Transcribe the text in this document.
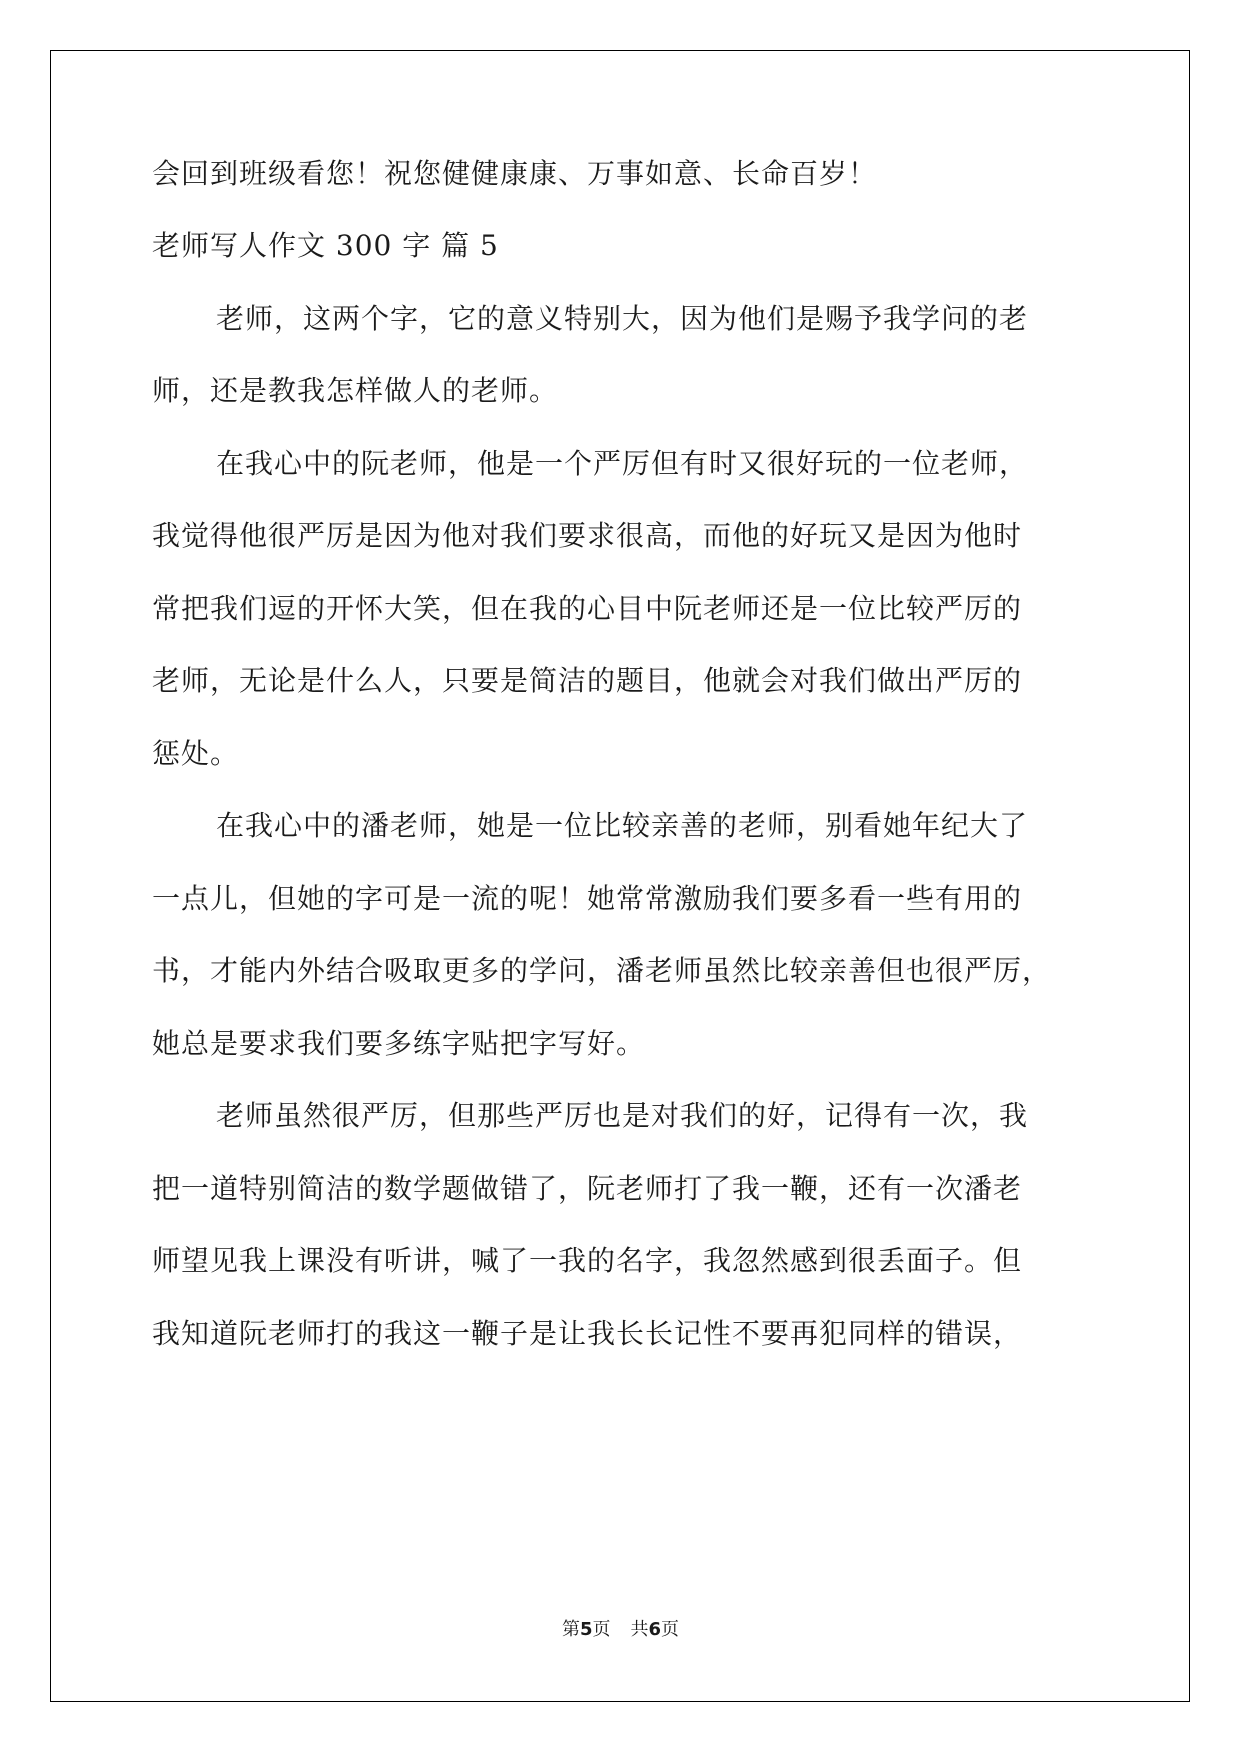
会回到班级看您！祝您健健康康、万事如意、长命百岁！
老师写人作文 300 字 篇 5
老师，这两个字，它的意义特别大，因为他们是赐予我学问的老
师，还是教我怎样做人的老师。
在我心中的阮老师，他是一个严厉但有时又很好玩的一位老师，
我觉得他很严厉是因为他对我们要求很高，而他的好玩又是因为他时
常把我们逗的开怀大笑，但在我的心目中阮老师还是一位比较严厉的
老师，无论是什么人，只要是简洁的题目，他就会对我们做出严厉的
惩处。
在我心中的潘老师，她是一位比较亲善的老师，别看她年纪大了
一点儿，但她的字可是一流的呢！她常常激励我们要多看一些有用的
书，才能内外结合吸取更多的学问，潘老师虽然比较亲善但也很严厉，
她总是要求我们要多练字贴把字写好。
老师虽然很严厉，但那些严厉也是对我们的好，记得有一次，我
把一道特别简洁的数学题做错了，阮老师打了我一鞭，还有一次潘老
师望见我上课没有听讲，喊了一我的名字，我忽然感到很丢面子。但
我知道阮老师打的我这一鞭子是让我长长记性不要再犯同样的错误，
第5页 共6页
